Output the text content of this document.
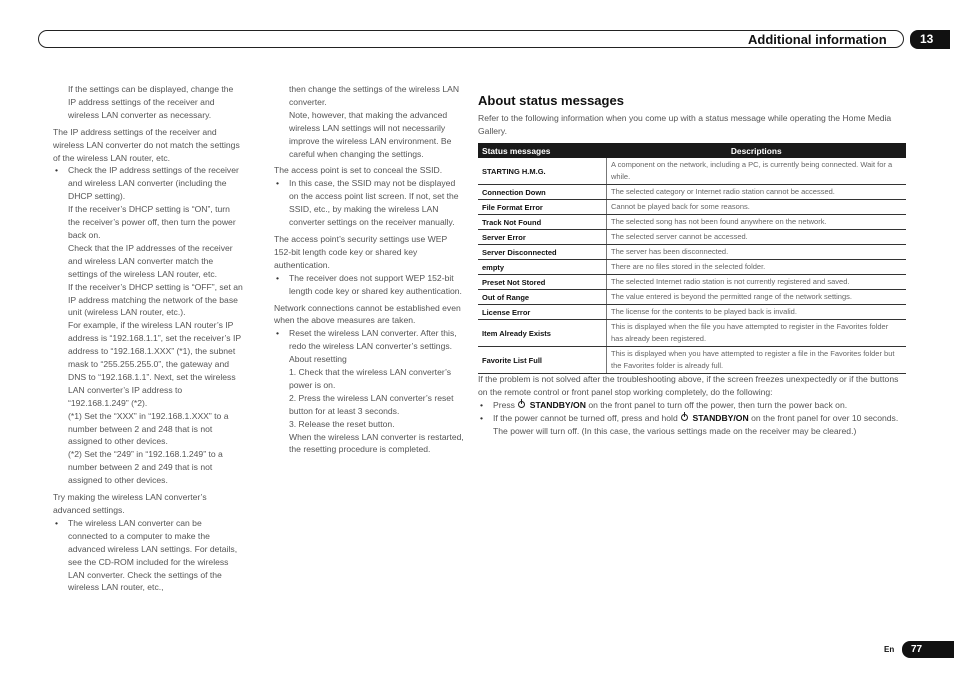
Additional information	13

If the settings can be displayed, change the IP address settings of the receiver and wireless LAN converter as necessary.

The IP address settings of the receiver and wireless LAN converter do not match the settings of the wireless LAN router, etc.

• Check the IP address settings of the receiver and wireless LAN converter (including the DHCP setting).

If the receiver’s DHCP setting is “ON”, turn the receiver’s power off, then turn the power back on.

Check that the IP addresses of the receiver and wireless LAN converter match the settings of the wireless LAN router, etc.

If the receiver’s DHCP setting is “OFF”, set an IP address matching the network of the base unit (wireless LAN router, etc.).

For example, if the wireless LAN router’s IP address is “192.168.1.1”, set the receiver’s IP address to “192.168.1.XXX” (*1), the subnet mask to “255.255.255.0”, the gateway and DNS to “192.168.1.1”. Next, set the wireless LAN converter’s IP address to “192.168.1.249” (*2).

(*1) Set the “XXX” in “192.168.1.XXX” to a number between 2 and 248 that is not assigned to other devices.

(*2) Set the “249” in “192.168.1.249” to a number between 2 and 249 that is not assigned to other devices.

Try making the wireless LAN converter’s advanced settings.

• The wireless LAN converter can be connected to a computer to make the advanced wireless LAN settings. For details, see the CD-ROM included for the wireless LAN converter. Check the settings of the wireless LAN router, etc.,

then change the settings of the wireless LAN converter.

Note, however, that making the advanced wireless LAN settings will not necessarily improve the wireless LAN environment. Be careful when changing the settings.

The access point is set to conceal the SSID.

• In this case, the SSID may not be displayed on the access point list screen. If not, set the SSID, etc., by making the wireless LAN converter settings on the receiver manually.

The access point’s security settings use WEP 152-bit length code key or shared key authentication.

• The receiver does not support WEP 152-bit length code key or shared key authentication.

Network connections cannot be established even when the above measures are taken.

• Reset the wireless LAN converter. After this, redo the wireless LAN converter’s settings.

About resetting

1. Check that the wireless LAN converter’s power is on.

2. Press the wireless LAN converter’s reset button for at least 3 seconds.

3. Release the reset button.

When the wireless LAN converter is restarted, the resetting procedure is completed.

About status messages
Refer to the following information when you come up with a status message while operating the Home Media Gallery.
Status messages	Descriptions
STARTING H.M.G.	A component on the network, including a PC, is currently being connected. Wait for a while.
Connection Down	The selected category or Internet radio station cannot be accessed.
File Format Error	Cannot be played back for some reasons.
Track Not Found	The selected song has not been found anywhere on the network.
Server Error	The selected server cannot be accessed.
Server Disconnected	The server has been disconnected.
empty	There are no files stored in the selected folder.
Preset Not Stored	The selected Internet radio station is not currently registered and saved.
Out of Range	The value entered is beyond the permitted range of the network settings.
License Error	The license for the contents to be played back is invalid.
Item Already Exists	This is displayed when the file you have attempted to register in the Favorites folder has already been registered.
Favorite List Full	This is displayed when you have attempted to register a file in the Favorites folder but the Favorites folder is already full.

If the problem is not solved after the troubleshooting above, if the screen freezes unexpectedly or if the buttons on the remote control or front panel stop working completely, do the following:

• Press STANDBY/ON on the front panel to turn off the power, then turn the power back on.

• If the power cannot be turned off, press and hold STANDBY/ON on the front panel for over 10 seconds. The power will turn off. (In this case, the various settings made on the receiver may be cleared.)

En	77
